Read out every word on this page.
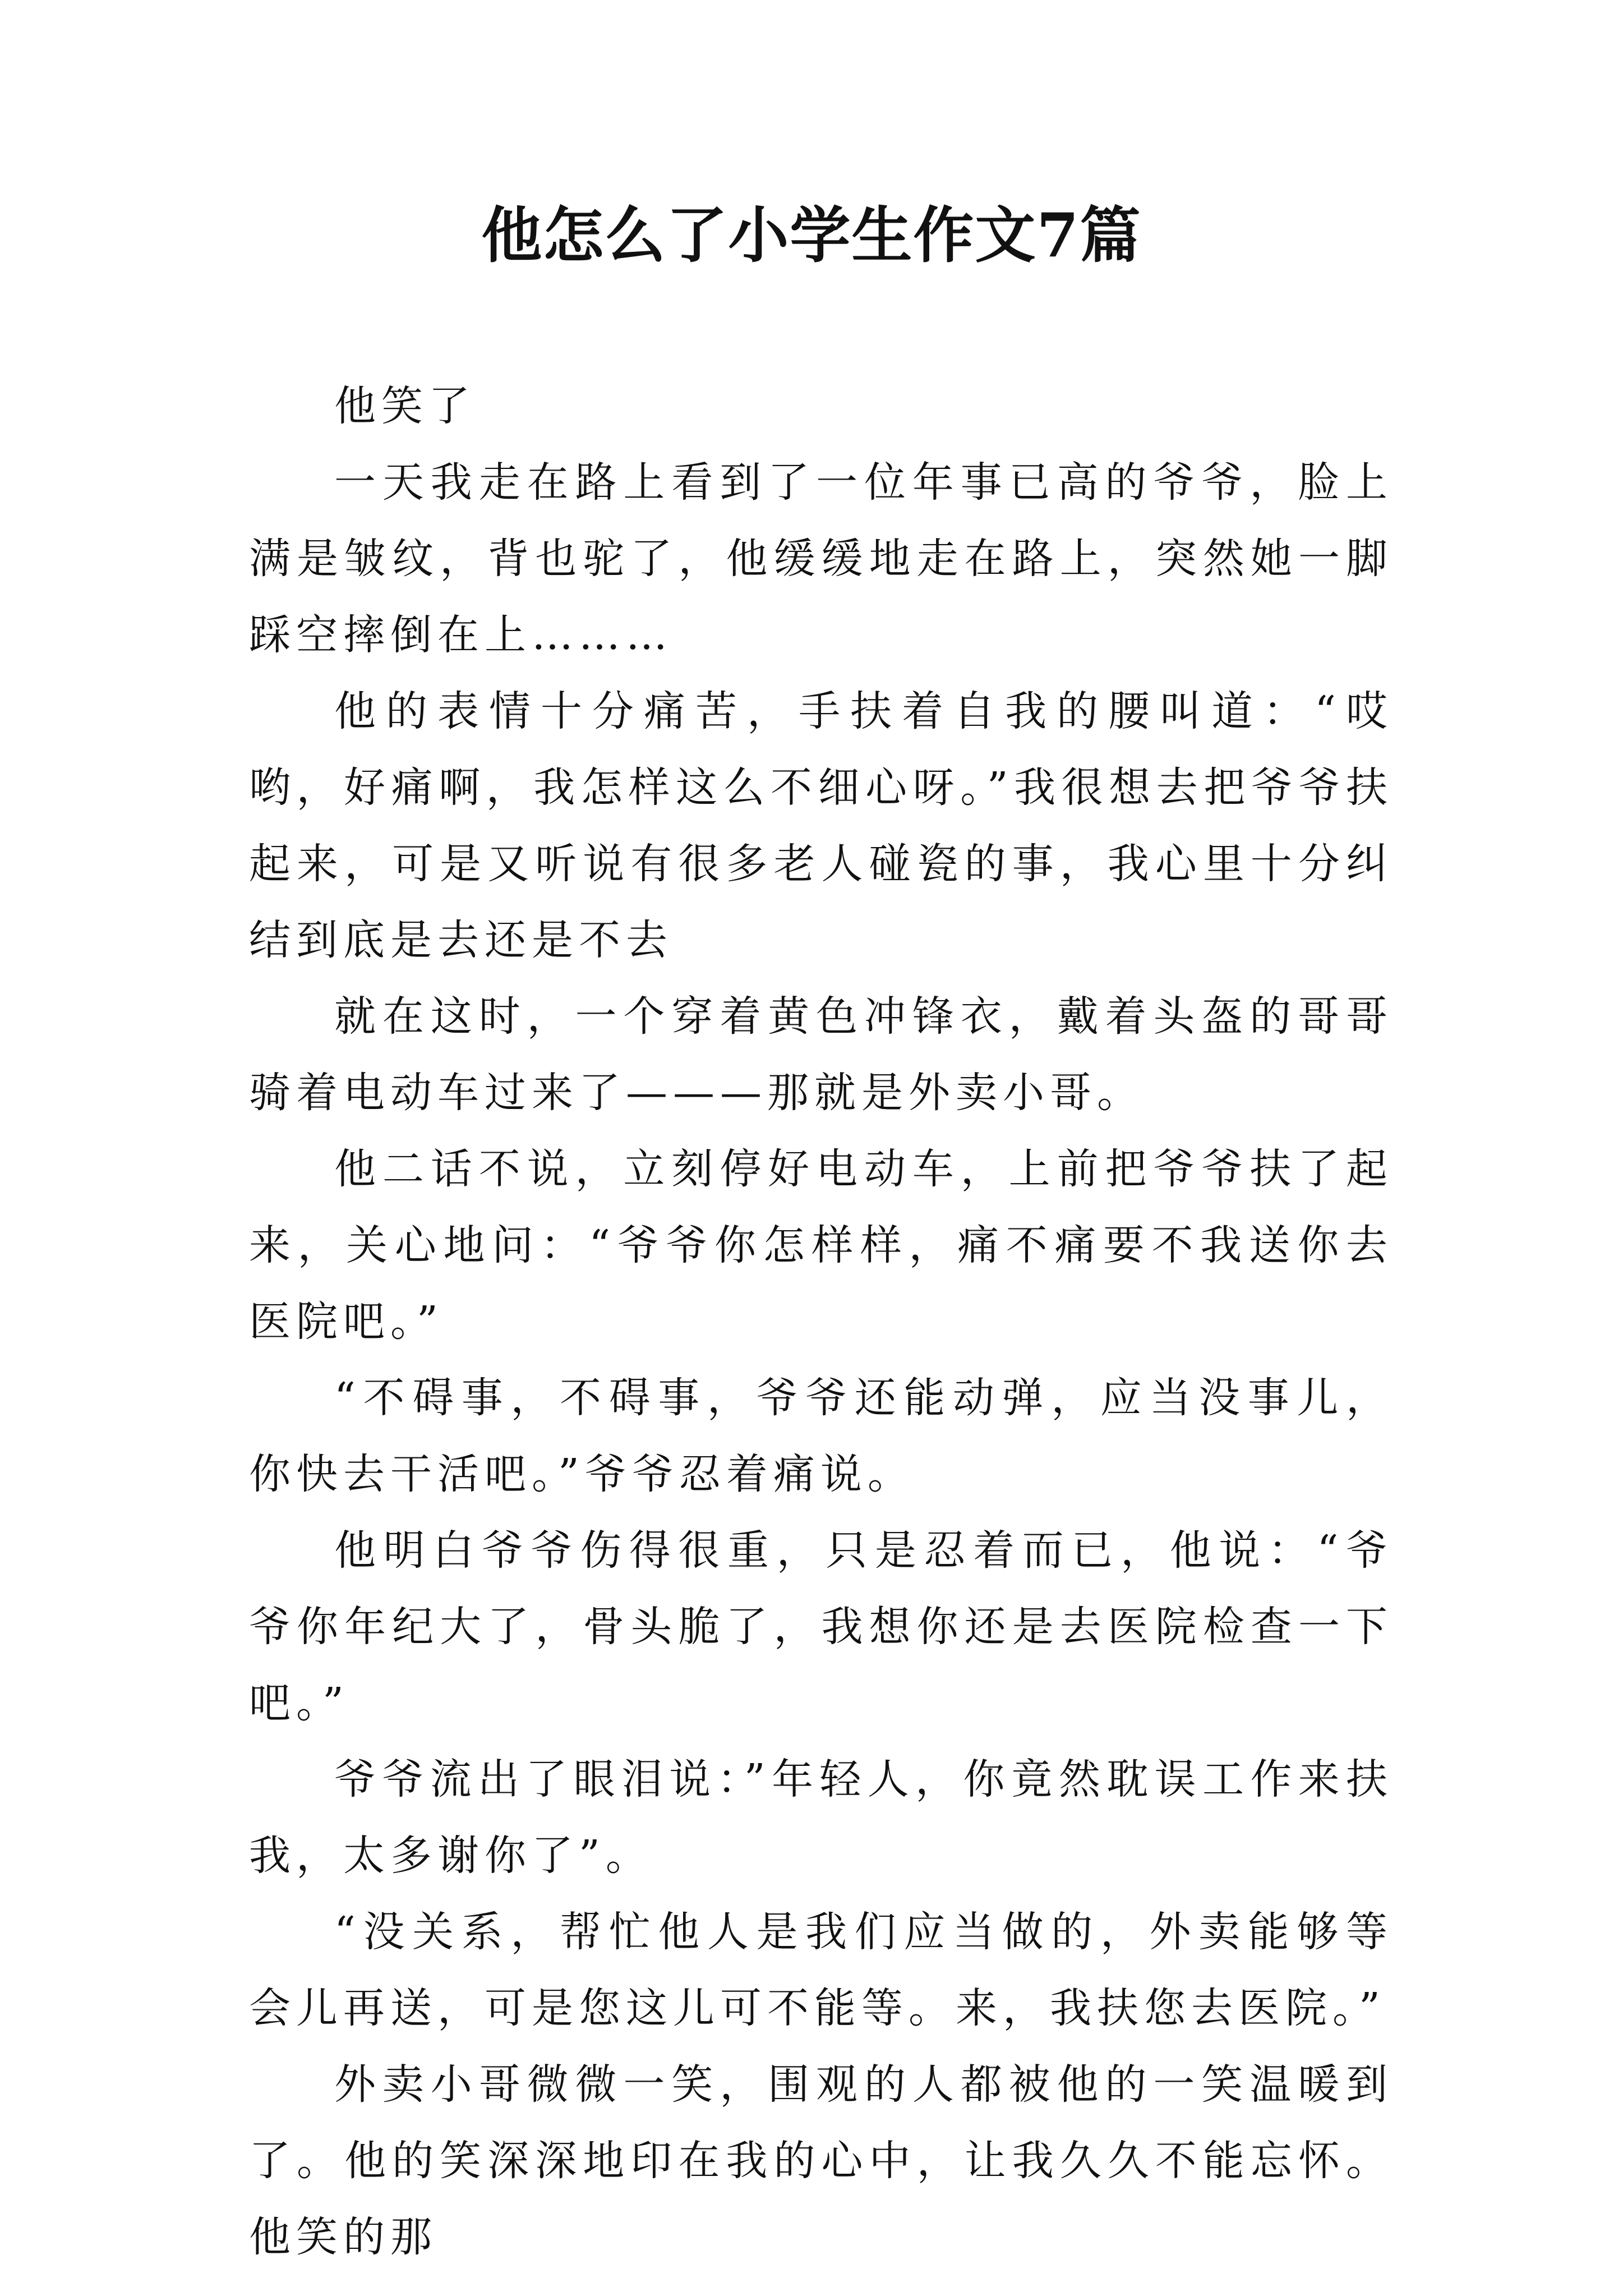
他怎么了小学生作文7篇

他笑了

一天我走在路上看到了一位年事已高的爷爷，脸上满是皱纹，背也驼了，他缓缓地走在路上，突然她一脚踩空摔倒在上………

他的表情十分痛苦，手扶着自我的腰叫道：“哎哟，好痛啊，我怎样这么不细心呀。”我很想去把爷爷扶起来，可是又听说有很多老人碰瓷的事，我心里十分纠结到底是去还是不去

就在这时，一个穿着黄色冲锋衣，戴着头盔的哥哥骑着电动车过来了———那就是外卖小哥。

他二话不说，立刻停好电动车，上前把爷爷扶了起来，关心地问：“爷爷你怎样样，痛不痛要不我送你去医院吧。”

“不碍事，不碍事，爷爷还能动弹，应当没事儿，你快去干活吧。”爷爷忍着痛说。

他明白爷爷伤得很重，只是忍着而已，他说：“爷爷你年纪大了，骨头脆了，我想你还是去医院检查一下吧。”

爷爷流出了眼泪说：”年轻人，你竟然耽误工作来扶我，太多谢你了”。

“没关系，帮忙他人是我们应当做的，外卖能够等会儿再送，可是您这儿可不能等。来，我扶您去医院。”

外卖小哥微微一笑，围观的人都被他的一笑温暖到了。他的笑深深地印在我的心中，让我久久不能忘怀。他笑的那
